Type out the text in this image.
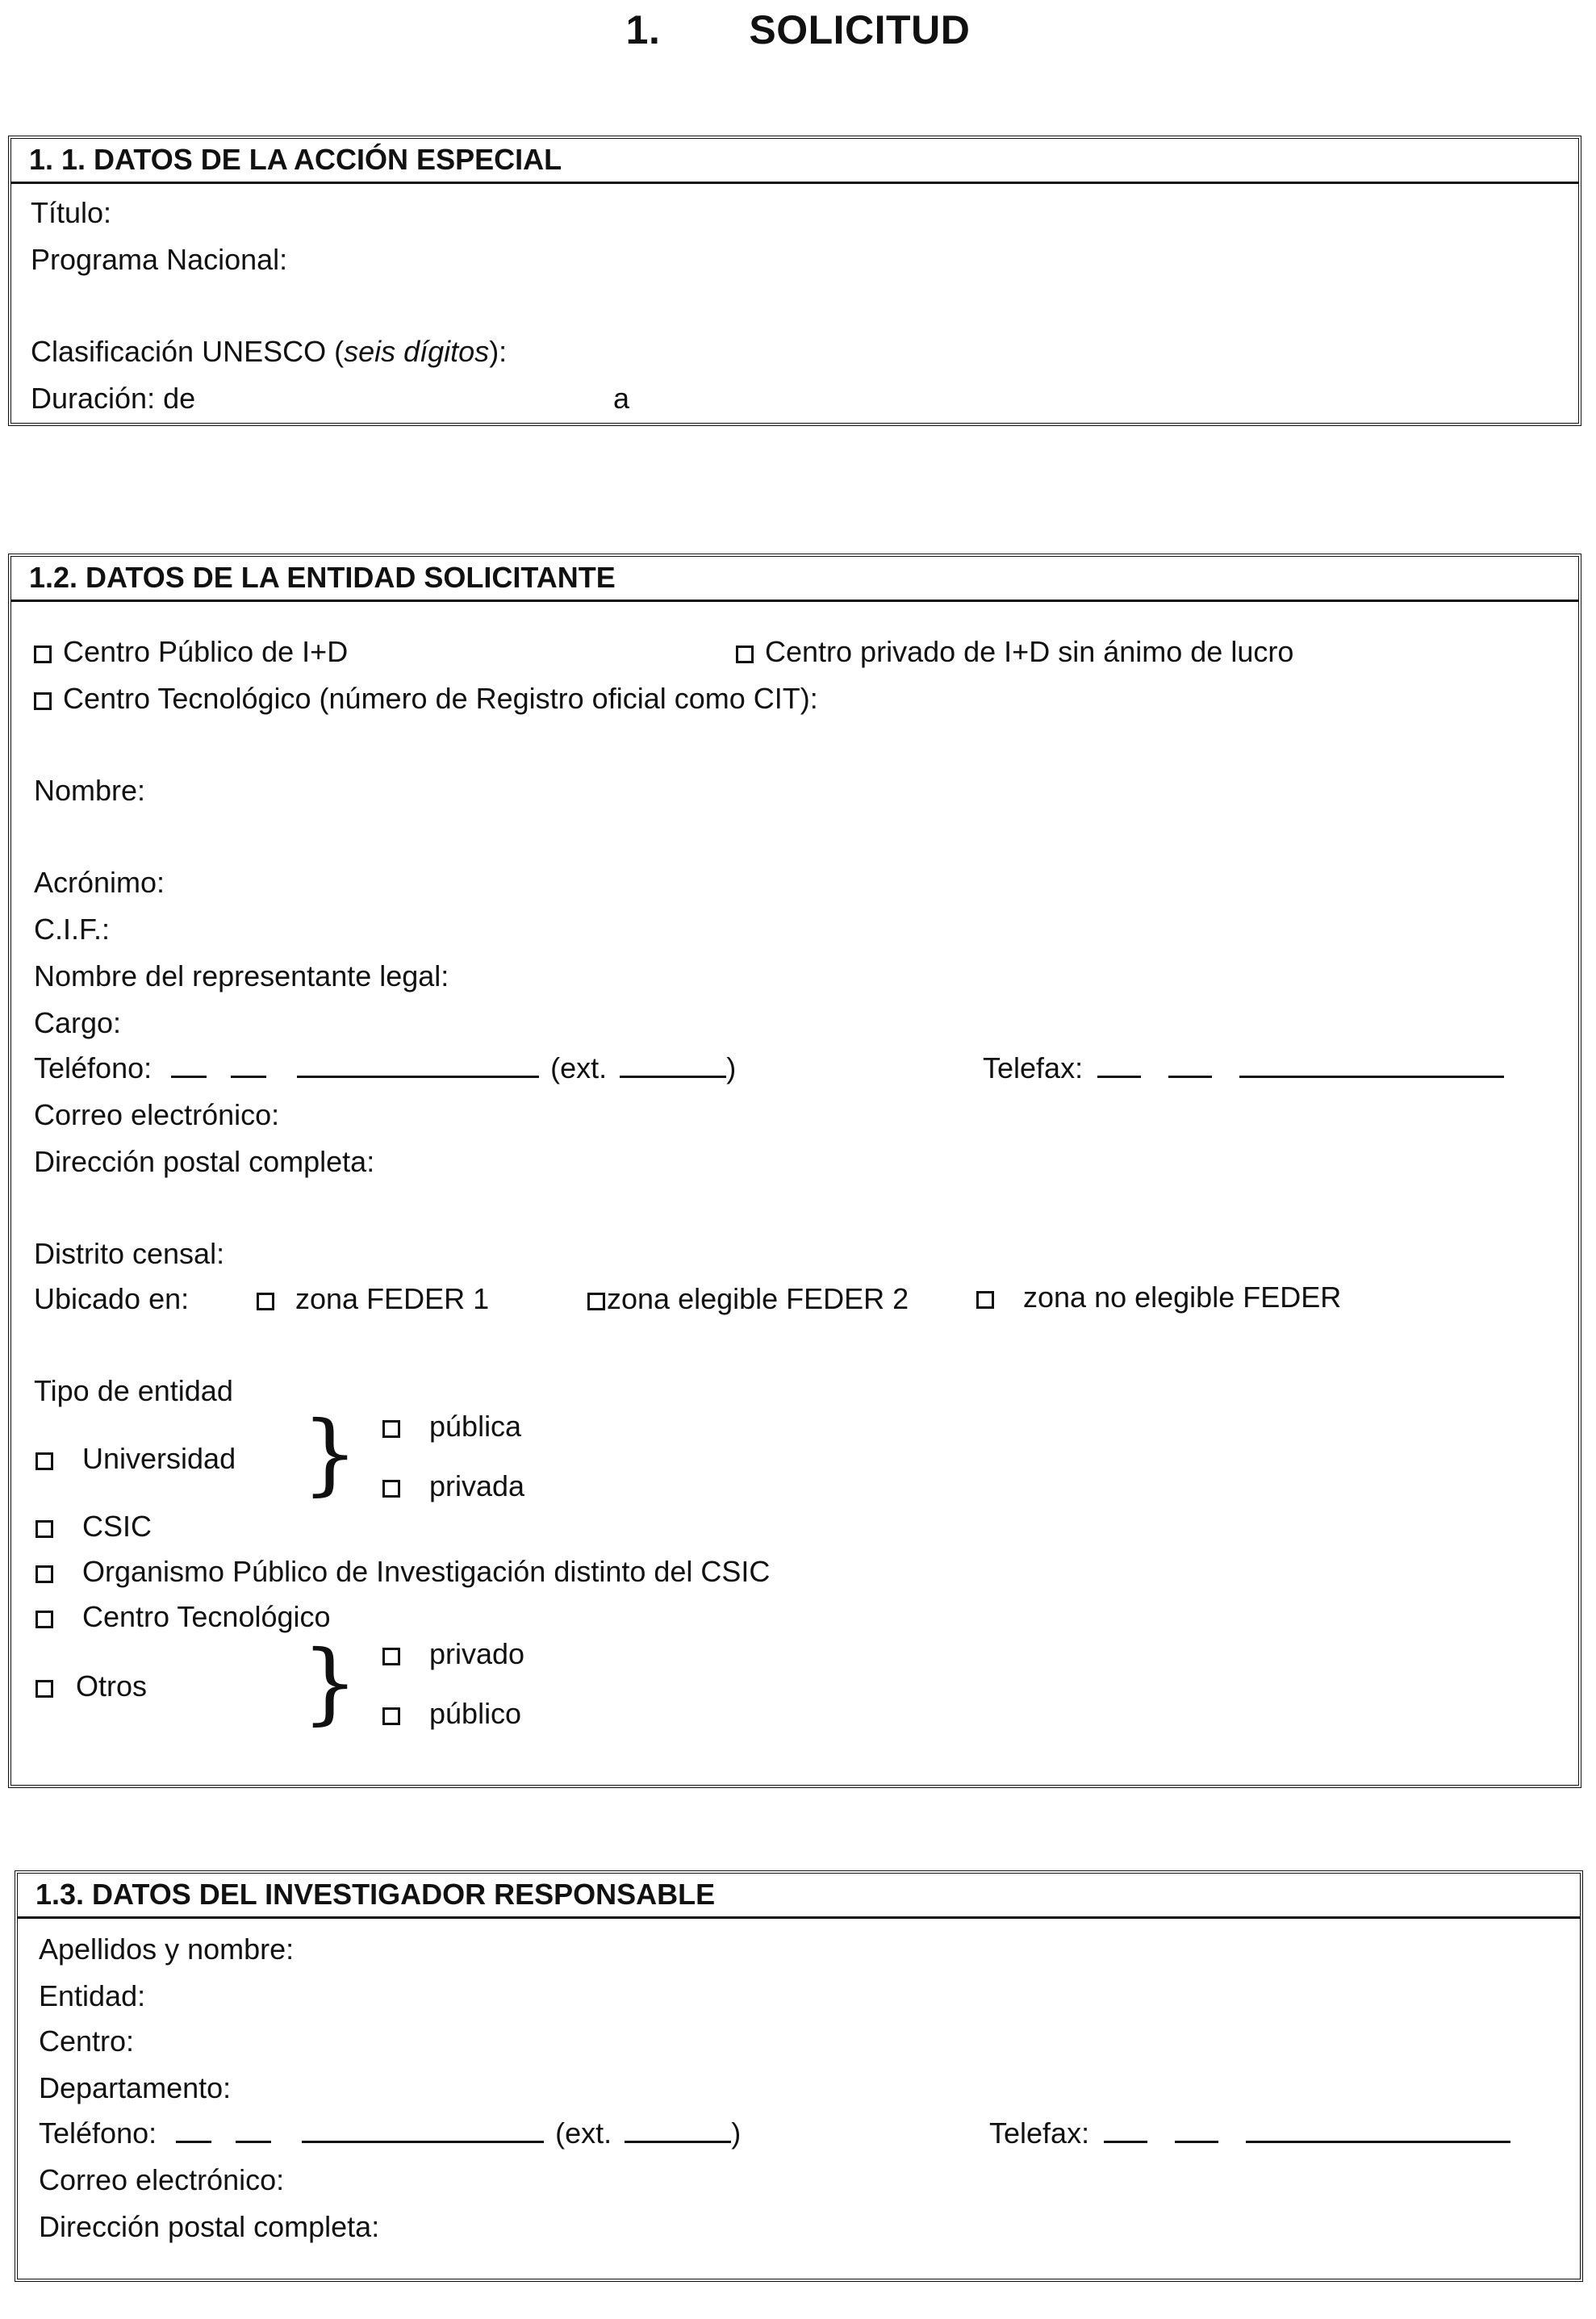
1. SOLICITUD
1. 1. DATOS DE LA ACCIÓN ESPECIAL
Título:
Programa Nacional:
Clasificación UNESCO (seis dígitos):
Duración: de	a
1.2. DATOS DE LA ENTIDAD SOLICITANTE
Centro Público de I+D	Centro privado de I+D sin ánimo de lucro
Centro Tecnológico (número de Registro oficial como CIT):
Nombre:
Acrónimo:
C.I.F.:
Nombre del representante legal:
Cargo:
Teléfono:	(ext.	)	Telefax:
Correo electrónico:
Dirección postal completa:
Distrito censal:
Ubicado en:	zona FEDER 1	zona elegible FEDER 2	zona no elegible FEDER
Tipo de entidad
Universidad }	pública
privada
CSIC
Organismo Público de Investigación distinto del CSIC
Centro Tecnológico
Otros }	privado
público
1.3. DATOS DEL INVESTIGADOR RESPONSABLE
Apellidos y nombre:
Entidad:
Centro:
Departamento:
Teléfono:	(ext.	)	Telefax:
Correo electrónico:
Dirección postal completa:
